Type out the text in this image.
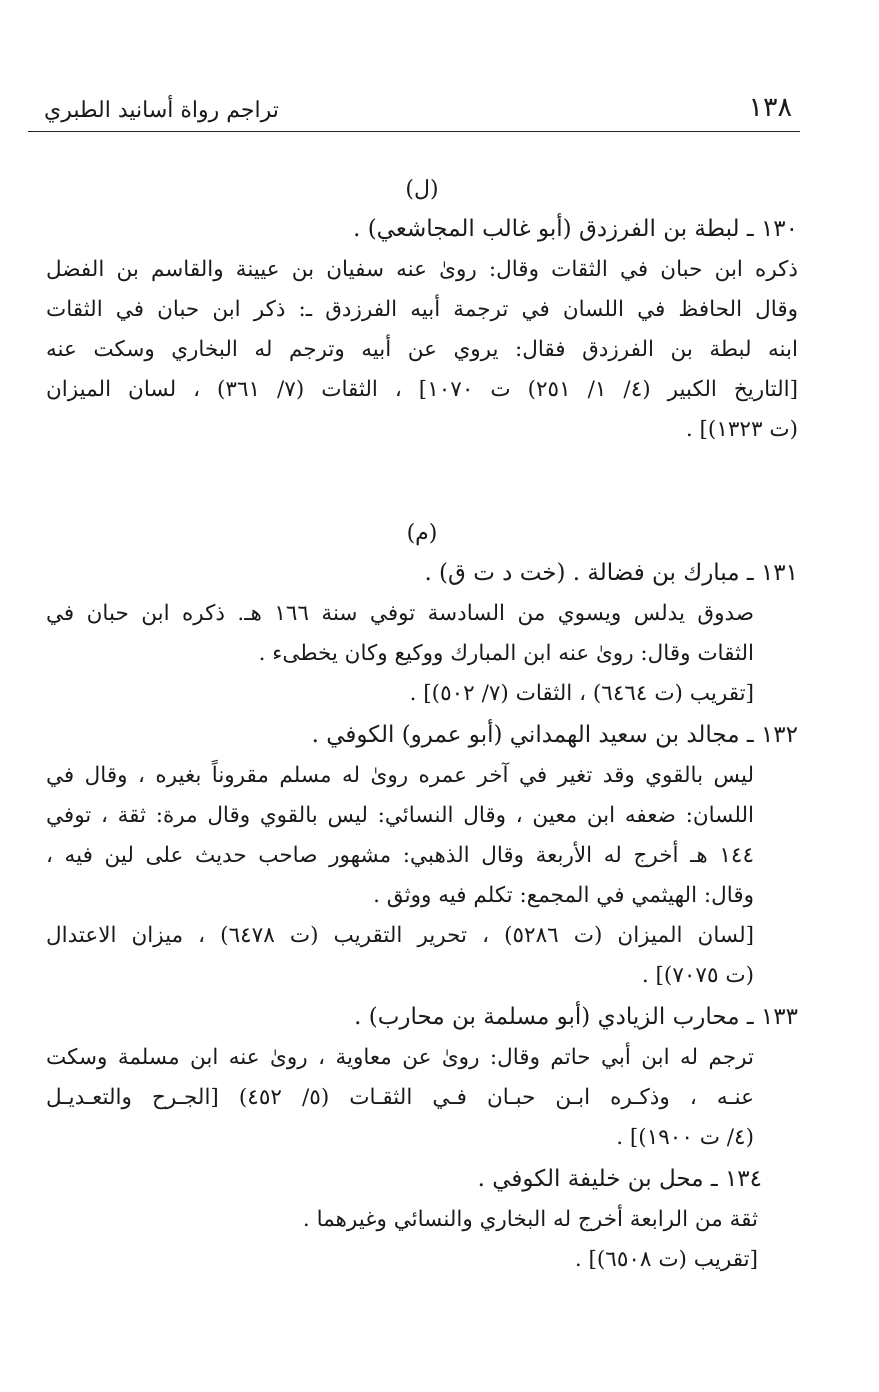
١٣٨
تراجم رواة أسانيد الطبري
(ل)
١٣٠ ـ لبطة بن الفرزدق (أبو غالب المجاشعي) .
ذكره ابن حبان في الثقات وقال: روىٰ عنه سفيان بن عيينة والقاسم بن الفضل
وقال الحافظ في اللسان في ترجمة أبيه الفرزدق ـ: ذكر ابن حبان في الثقات
ابنه لبطة بن الفرزدق فقال: يروي عن أبيه وترجم له البخاري وسكت عنه
[التاريخ الكبير (٤/ ١/ ٢٥١) ت ١٠٧٠] ، الثقات (٧/ ٣٦١) ، لسان الميزان
(ت ١٣٢٣)] .
(م)
١٣١ ـ مبارك بن فضالة . (خت د ت ق) .
صدوق يدلس ويسوي من السادسة توفي سنة ١٦٦ هـ. ذكره ابن حبان في
الثقات وقال: روىٰ عنه ابن المبارك ووكيع وكان يخطىء .
[تقريب (ت ٦٤٦٤) ، الثقات (٧/ ٥٠٢)] .
١٣٢ ـ مجالد بن سعيد الهمداني (أبو عمرو) الكوفي .
ليس بالقوي وقد تغير في آخر عمره روىٰ له مسلم مقروناً بغيره ، وقال في
اللسان: ضعفه ابن معين ، وقال النسائي: ليس بالقوي وقال مرة: ثقة ، توفي
١٤٤ هـ أخرج له الأربعة وقال الذهبي: مشهور صاحب حديث على لين فيه ،
وقال: الهيثمي في المجمع: تكلم فيه ووثق .
[لسان الميزان (ت ٥٢٨٦) ، تحرير التقريب (ت ٦٤٧٨) ، ميزان الاعتدال
(ت ٧٠٧٥)] .
١٣٣ ـ محارب الزيادي (أبو مسلمة بن محارب) .
ترجم له ابن أبي حاتم وقال: روىٰ عن معاوية ، روىٰ عنه ابن مسلمة وسكت
عنـه ، وذكـره ابـن حبـان فـي الثقـات (٥/ ٤٥٢) [الجـرح والتعـديـل
(٤/ ت ١٩٠٠)] .
١٣٤ ـ محل بن خليفة الكوفي .
ثقة من الرابعة أخرج له البخاري والنسائي وغيرهما .
[تقريب (ت ٦٥٠٨)] .
